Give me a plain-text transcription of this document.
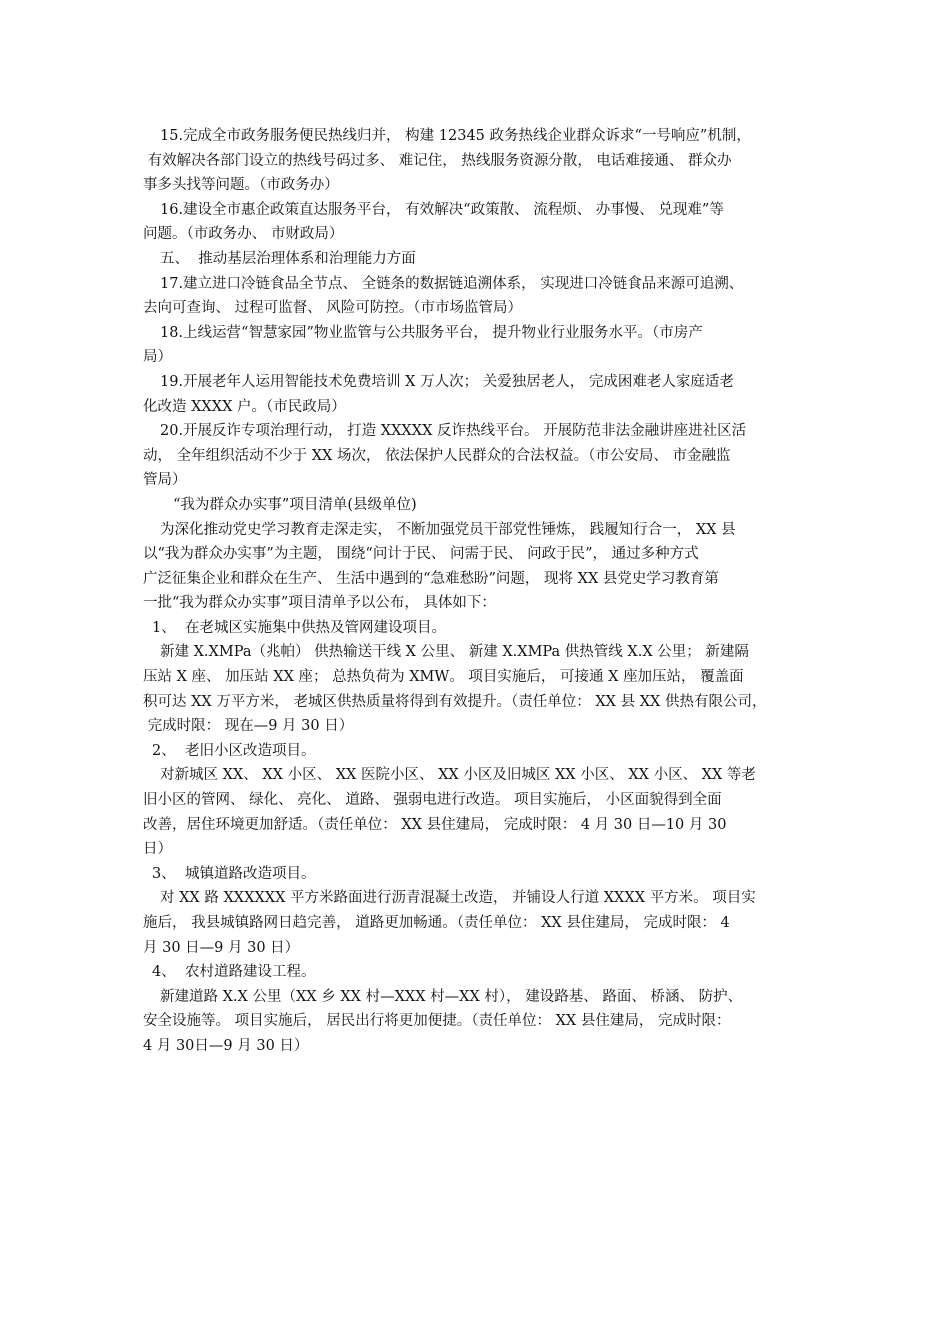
15.完成全市政务服务便民热线归并， 构建 12345 政务热线企业群众诉求“一号响应”机制，
有效解决各部门设立的热线号码过多、 难记住， 热线服务资源分散， 电话难接通、 群众办
事多头找等问题。（市政务办）
16.建设全市惠企政策直达服务平台， 有效解决“政策散、 流程烦、 办事慢、 兑现难”等
问题。（市政务办、 市财政局）
五、  推动基层治理体系和治理能力方面
17.建立进口冷链食品全节点、 全链条的数据链追溯体系， 实现进口冷链食品来源可追溯、
去向可查询、 过程可监督、 风险可防控。（市市场监管局）
18.上线运营“智慧家园”物业监管与公共服务平台， 提升物业行业服务水平。（市房产
局）
19.开展老年人运用智能技术免费培训 X 万人次； 关爱独居老人， 完成困难老人家庭适老
化改造 XXXX 户。（市民政局）
20.开展反诈专项治理行动， 打造 XXXXX 反诈热线平台。 开展防范非法金融讲座进社区活
动， 全年组织活动不少于 XX 场次， 依法保护人民群众的合法权益。（市公安局、 市金融监
管局）
“我为群众办实事”项目清单(县级单位)
为深化推动党史学习教育走深走实， 不断加强党员干部党性锤炼， 践履知行合一， XX 县
以“我为群众办实事”为主题， 围绕“问计于民、 问需于民、 问政于民”， 通过多种方式
广泛征集企业和群众在生产、 生活中遇到的“急难愁盼”问题， 现将 XX 县党史学习教育第
一批“我为群众办实事”项目清单予以公布， 具体如下：
1、  在老城区实施集中供热及管网建设项目。
新建 X.XMPa（兆帕） 供热输送干线 X 公里、 新建 X.XMPa 供热管线 X.X 公里； 新建隔
压站 X 座、 加压站 XX 座； 总热负荷为 XMW。 项目实施后， 可接通 X 座加压站， 覆盖面
积可达 XX 万平方米， 老城区供热质量将得到有效提升。（责任单位： XX 县 XX 供热有限公司，
完成时限： 现在—9 月 30 日）
2、  老旧小区改造项目。
对新城区 XX、 XX 小区、 XX 医院小区、 XX 小区及旧城区 XX 小区、 XX 小区、 XX 等老
旧小区的管网、 绿化、 亮化、 道路、 强弱电进行改造。 项目实施后， 小区面貌得到全面
改善，居住环境更加舒适。（责任单位： XX 县住建局， 完成时限： 4 月 30 日—10 月 30
日）
3、  城镇道路改造项目。
对 XX 路 XXXXXX 平方米路面进行沥青混凝土改造， 并铺设人行道 XXXX 平方米。 项目实
施后， 我县城镇路网日趋完善， 道路更加畅通。（责任单位： XX 县住建局， 完成时限： 4
月 30 日—9 月 30 日）
4、  农村道路建设工程。
新建道路 X.X 公里（XX 乡 XX 村—XXX 村—XX 村）， 建设路基、 路面、 桥涵、 防护、
安全设施等。 项目实施后， 居民出行将更加便捷。（责任单位： XX 县住建局， 完成时限：
4 月 30日—9 月 30 日）
